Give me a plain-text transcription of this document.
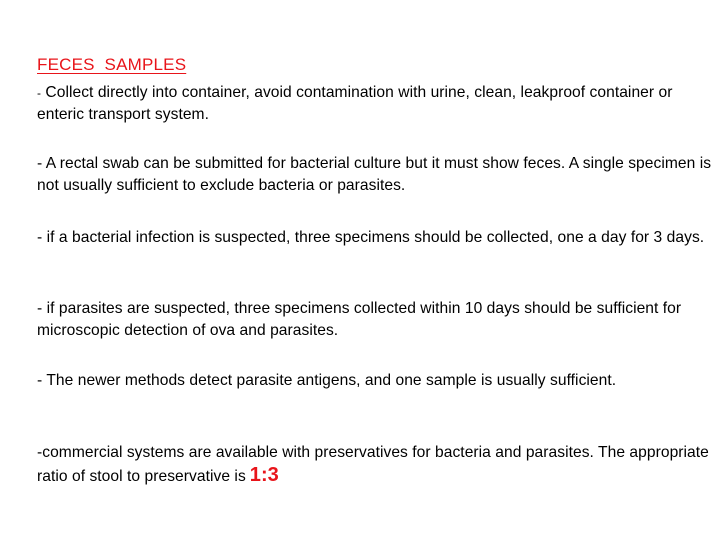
FECES  SAMPLES
- Collect directly into container, avoid contamination with urine, clean, leakproof container or enteric transport system.
- A rectal swab can be submitted for bacterial culture but it must show feces. A single specimen is not usually sufficient to exclude bacteria or parasites.
- if a bacterial infection is suspected, three specimens should be collected, one a day for 3 days.
- if parasites are suspected, three specimens collected within 10 days should be sufficient for microscopic detection of ova and parasites.
- The newer methods detect parasite antigens, and one sample is usually sufficient.
-commercial systems are available with preservatives for bacteria and parasites. The appropriate ratio of stool to preservative is 1:3
